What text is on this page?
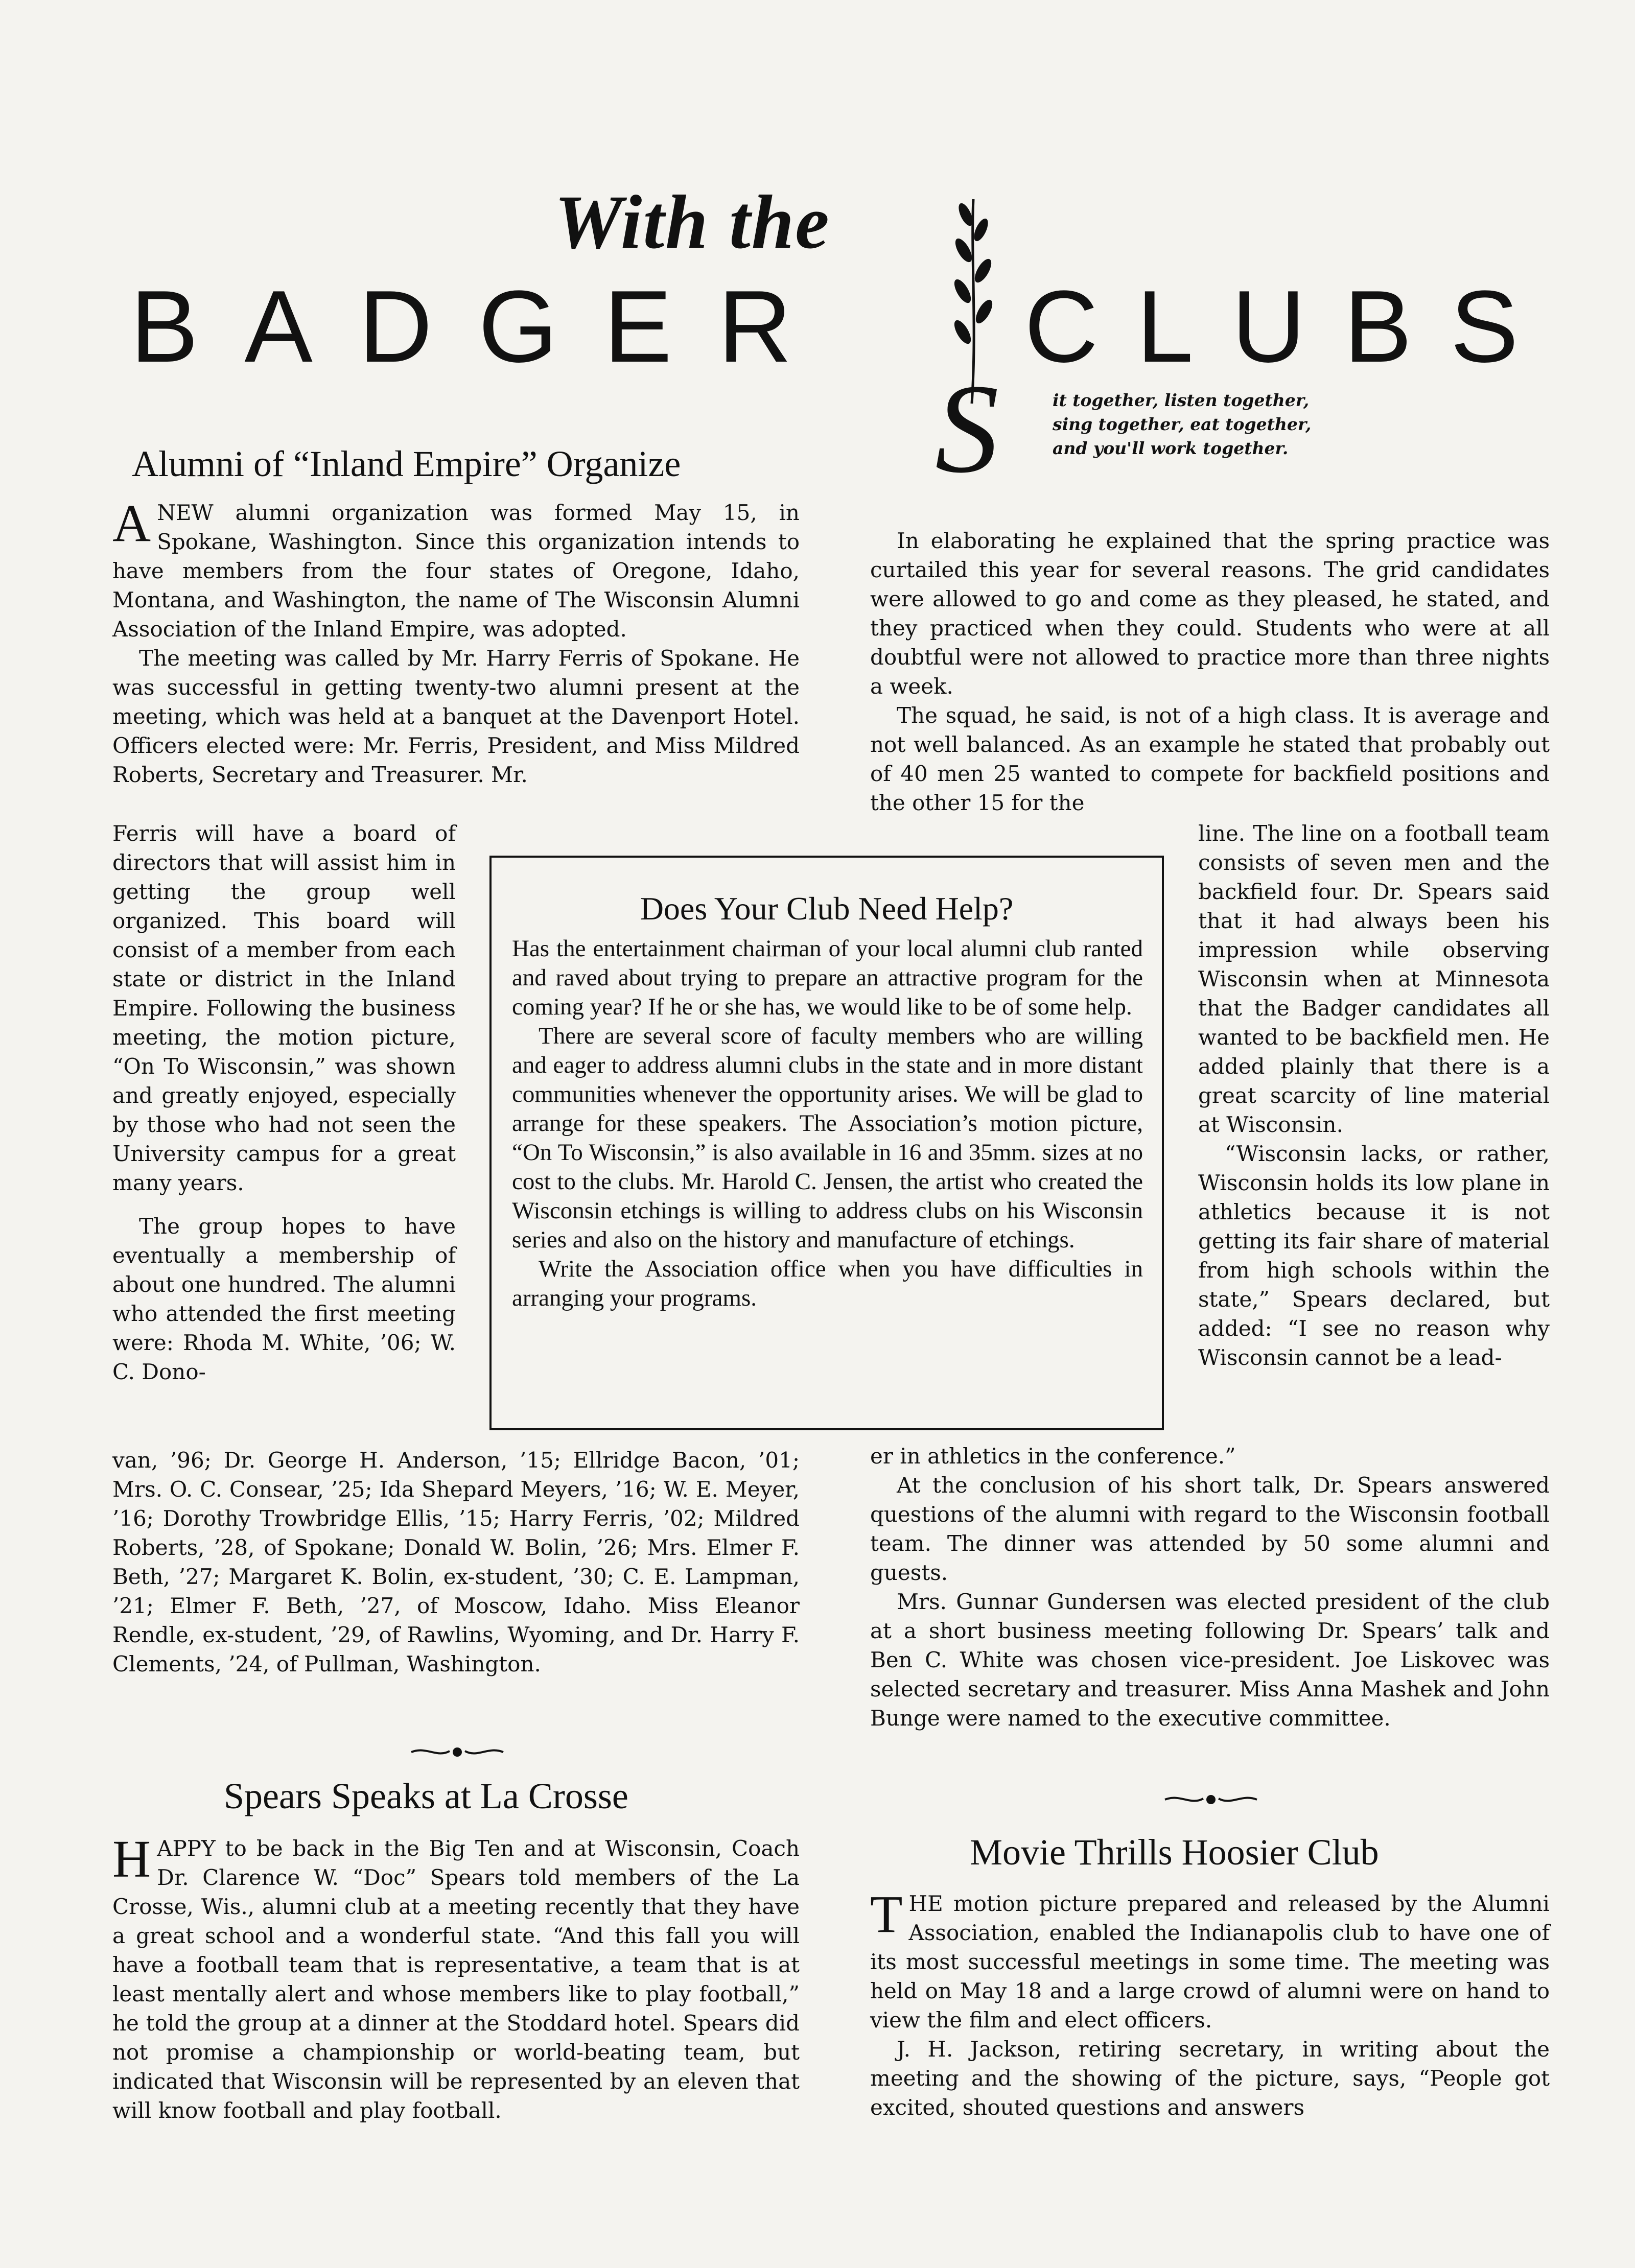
With the
BADGER	CLUBS
S	it together, listen together,
sing together, eat together,
and you'll work together.
Alumni of “Inland Empire” Organize

A NEW alumni organization was formed May 15, in Spokane, Washington. Since this organization intends to have members from the four states of Oregone, Idaho, Montana, and Washington, the name of The Wisconsin Alumni Association of the Inland Empire, was adopted.

The meeting was called by Mr. Harry Ferris of Spokane. He was successful in getting twenty-two alumni present at the meeting, which was held at a banquet at the Davenport Hotel. Officers elected were: Mr. Ferris, President, and Miss Mildred Roberts, Secretary and Treasurer. Mr.

Ferris will have a board of directors that will assist him in getting the group well organized. This board will consist of a member from each state or district in the Inland Empire. Following the business meeting, the motion picture, “On To Wisconsin,” was shown and greatly enjoyed, especially by those who had not seen the University campus for a great many years.

The group hopes to have eventually a membership of about one hundred. The alumni who attended the first meeting were: Rhoda M. White, ’06; W. C. Dono-

van, ’96; Dr. George H. Anderson, ’15; Ellridge Bacon, ’01; Mrs. O. C. Consear, ’25; Ida Shepard Meyers, ’16; W. E. Meyer, ’16; Dorothy Trowbridge Ellis, ’15; Harry Ferris, ’02; Mildred Roberts, ’28, of Spokane; Donald W. Bolin, ’26; Mrs. Elmer F. Beth, ’27; Margaret K. Bolin, ex-student, ’30; C. E. Lampman, ’21; Elmer F. Beth, ’27, of Moscow, Idaho. Miss Eleanor Rendle, ex-student, ’29, of Rawlins, Wyoming, and Dr. Harry F. Clements, ’24, of Pullman, Washington.

Spears Speaks at La Crosse

H APPY to be back in the Big Ten and at Wisconsin, Coach Dr. Clarence W. “Doc” Spears told members of the La Crosse, Wis., alumni club at a meeting recently that they have a great school and a wonderful state. “And this fall you will have a football team that is representative, a team that is at least mentally alert and whose members like to play football,” he told the group at a dinner at the Stoddard hotel. Spears did not promise a championship or world-beating team, but indicated that Wisconsin will be represented by an eleven that will know football and play football.

In elaborating he explained that the spring practice was curtailed this year for several reasons. The grid candidates were allowed to go and come as they pleased, he stated, and they practiced when they could. Students who were at all doubtful were not allowed to practice more than three nights a week.

The squad, he said, is not of a high class. It is average and not well balanced. As an example he stated that probably out of 40 men 25 wanted to compete for backfield positions and the other 15 for the

line. The line on a football team consists of seven men and the backfield four. Dr. Spears said that it had always been his impression while observing Wisconsin when at Minnesota that the Badger candidates all wanted to be backfield men. He added plainly that there is a great scarcity of line material at Wisconsin.

“Wisconsin lacks, or rather, Wisconsin holds its low plane in athletics because it is not getting its fair share of material from high schools within the state,” Spears declared, but added: “I see no reason why Wisconsin cannot be a lead-

er in athletics in the conference.”

At the conclusion of his short talk, Dr. Spears answered questions of the alumni with regard to the Wisconsin football team. The dinner was attended by 50 some alumni and guests.

Mrs. Gunnar Gundersen was elected president of the club at a short business meeting following Dr. Spears’ talk and Ben C. White was chosen vice-president. Joe Liskovec was selected secretary and treasurer. Miss Anna Mashek and John Bunge were named to the executive committee.

Does Your Club Need Help?

Has the entertainment chairman of your local alumni club ranted and raved about trying to prepare an attractive program for the coming year? If he or she has, we would like to be of some help.

There are several score of faculty members who are willing and eager to address alumni clubs in the state and in more distant communities whenever the opportunity arises. We will be glad to arrange for these speakers. The Association’s motion picture, “On To Wisconsin,” is also available in 16 and 35mm. sizes at no cost to the clubs. Mr. Harold C. Jensen, the artist who created the Wisconsin etchings is willing to address clubs on his Wisconsin series and also on the history and manufacture of etchings.

Write the Association office when you have difficulties in arranging your programs.

Movie Thrills Hoosier Club

T HE motion picture prepared and released by the Alumni Association, enabled the Indianapolis club to have one of its most successful meetings in some time. The meeting was held on May 18 and a large crowd of alumni were on hand to view the film and elect officers.

J. H. Jackson, retiring secretary, in writing about the meeting and the showing of the picture, says, “People got excited, shouted questions and answers
